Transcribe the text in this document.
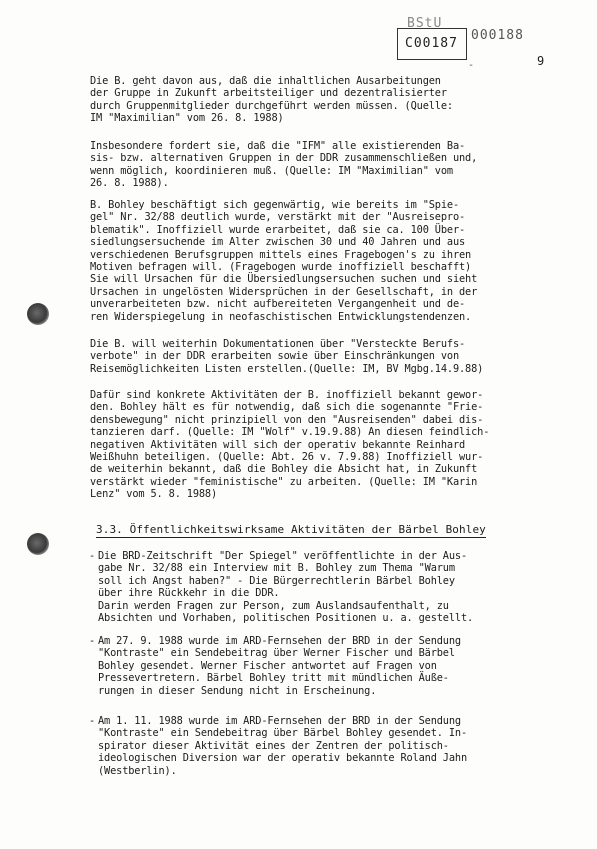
BStU
C00187
000188
-	9
Die B. geht davon aus, daß die inhaltlichen Ausarbeitungen
der Gruppe in Zukunft arbeitsteiliger und dezentralisierter
durch Gruppenmitglieder durchgeführt werden müssen. (Quelle:
IM "Maximilian" vom 26. 8. 1988)
Insbesondere fordert sie, daß die "IFM" alle existierenden Ba-
sis- bzw. alternativen Gruppen in der DDR zusammenschließen und,
wenn möglich, koordinieren muß. (Quelle: IM "Maximilian" vom
26. 8. 1988).
B. Bohley beschäftigt sich gegenwärtig, wie bereits im "Spie-
gel" Nr. 32/88 deutlich wurde, verstärkt mit der "Ausreisepro-
blematik". Inoffiziell wurde erarbeitet, daß sie ca. 100 Über-
siedlungsersuchende im Alter zwischen 30 und 40 Jahren und aus
verschiedenen Berufsgruppen mittels eines Fragebogen's zu ihren
Motiven befragen will. (Fragebogen wurde inoffiziell beschafft)
Sie will Ursachen für die Übersiedlungsersuchen suchen und sieht
Ursachen in ungelösten Widersprüchen in der Gesellschaft, in der
unverarbeiteten bzw. nicht aufbereiteten Vergangenheit und de-
ren Widerspiegelung in neofaschistischen Entwicklungstendenzen.
Die B. will weiterhin Dokumentationen über "Versteckte Berufs-
verbote" in der DDR erarbeiten sowie über Einschränkungen von
Reisemöglichkeiten Listen erstellen.(Quelle: IM, BV Mgbg.14.9.88)
Dafür sind konkrete Aktivitäten der B. inoffiziell bekannt gewor-
den. Bohley hält es für notwendig, daß sich die sogenannte "Frie-
densbewegung" nicht prinzipiell von den "Ausreisenden" dabei dis-
tanzieren darf. (Quelle: IM "Wolf" v.19.9.88) An diesen feindlich-
negativen Aktivitäten will sich der operativ bekannte Reinhard
Weißhuhn beteiligen. (Quelle: Abt. 26 v. 7.9.88) Inoffiziell wur-
de weiterhin bekannt, daß die Bohley die Absicht hat, in Zukunft
verstärkt wieder "feministische" zu arbeiten. (Quelle: IM "Karin
Lenz" vom 5. 8. 1988)
3.3. Öffentlichkeitswirksame Aktivitäten der Bärbel Bohley
- Die BRD-Zeitschrift "Der Spiegel" veröffentlichte in der Aus-
gabe Nr. 32/88 ein Interview mit B. Bohley zum Thema "Warum
soll ich Angst haben?" - Die Bürgerrechtlerin Bärbel Bohley
über ihre Rückkehr in die DDR.
Darin werden Fragen zur Person, zum Auslandsaufenthalt, zu
Absichten und Vorhaben, politischen Positionen u. a. gestellt.
- Am 27. 9. 1988 wurde im ARD-Fernsehen der BRD in der Sendung
"Kontraste" ein Sendebeitrag über Werner Fischer und Bärbel
Bohley gesendet. Werner Fischer antwortet auf Fragen von
Pressevertretern. Bärbel Bohley tritt mit mündlichen Äuße-
rungen in dieser Sendung nicht in Erscheinung.
- Am 1. 11. 1988 wurde im ARD-Fernsehen der BRD in der Sendung
"Kontraste" ein Sendebeitrag über Bärbel Bohley gesendet. In-
spirator dieser Aktivität eines der Zentren der politisch-
ideologischen Diversion war der operativ bekannte Roland Jahn
(Westberlin).
